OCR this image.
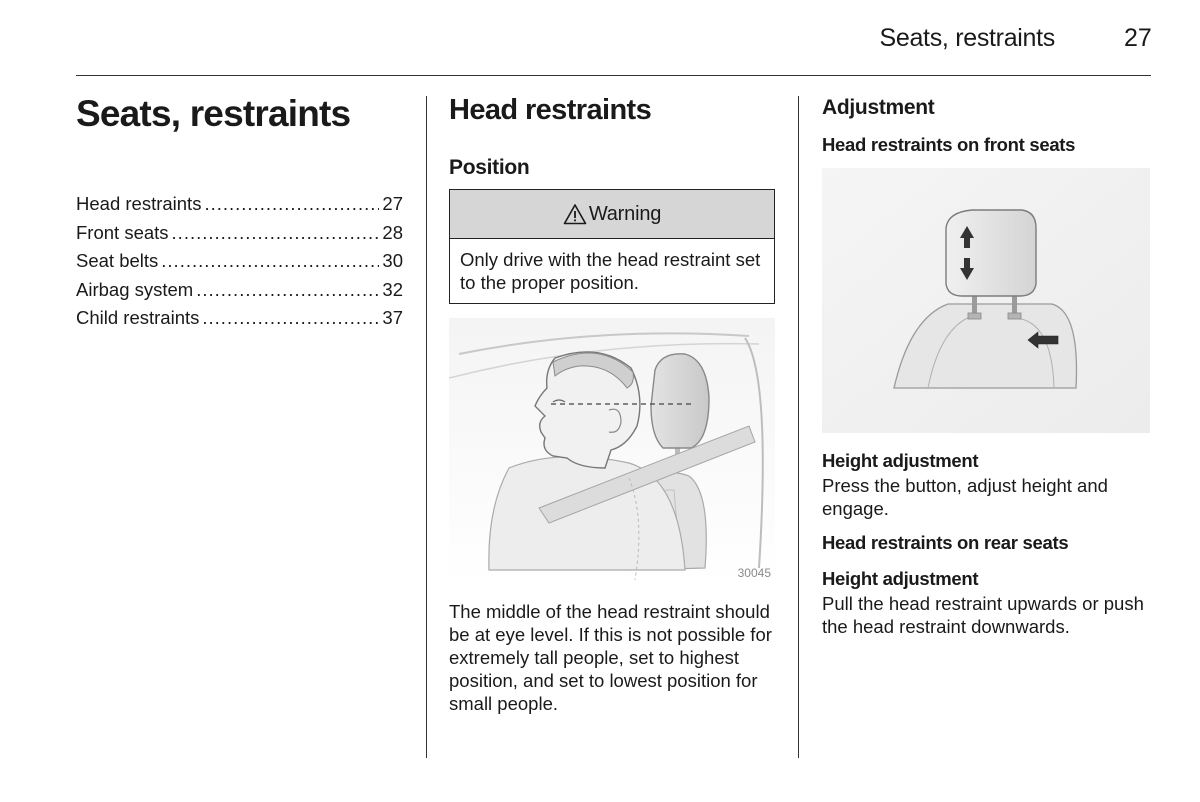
Seats, restraints	27
Seats, restraints
Head restraints .....	27
Front seats .....	28
Seat belts .....	30
Airbag system .....	32
Child restraints .....	37
Head restraints
Position
Warning
Only drive with the head restraint set to the proper position.
30045

The middle of the head restraint should be at eye level. If this is not possible for extremely tall people, set to highest position, and set to lowest position for small people.

Adjustment
Head restraints on front seats
Height adjustment

Press the button, adjust height and engage.

Head restraints on rear seats
Height adjustment

Pull the head restraint upwards or push the head restraint downwards.
